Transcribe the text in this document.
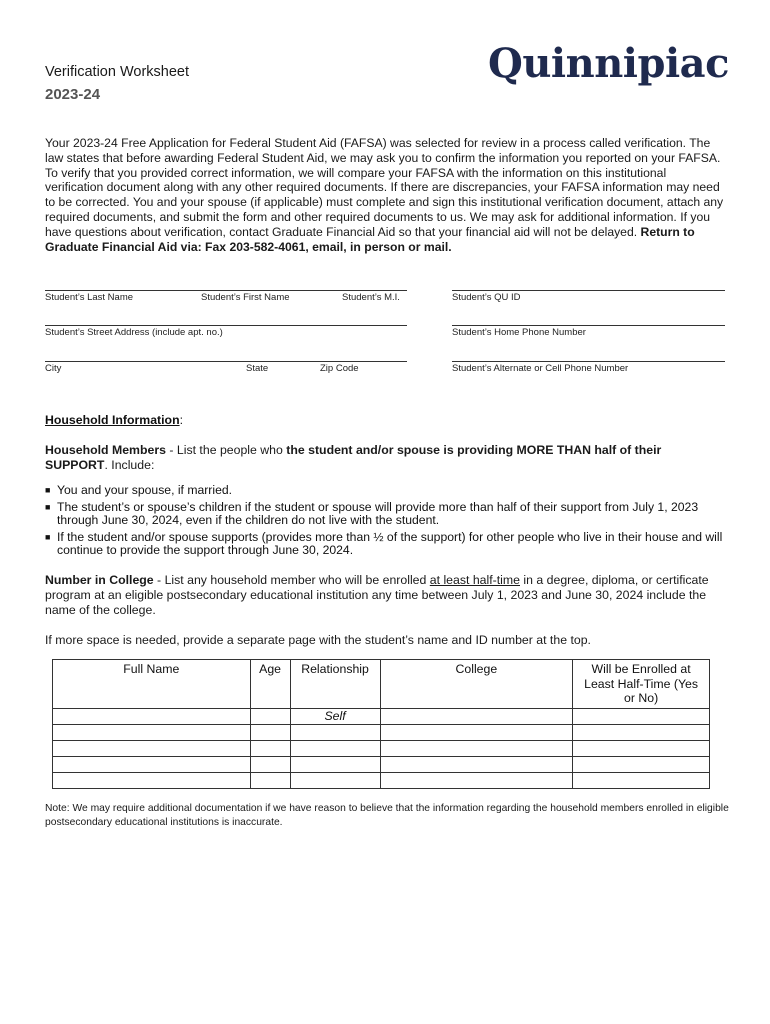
Verification Worksheet
2023-24
Quinnipiac
Your 2023-24 Free Application for Federal Student Aid (FAFSA) was selected for review in a process called verification. The law states that before awarding Federal Student Aid, we may ask you to confirm the information you reported on your FAFSA. To verify that you provided correct information, we will compare your FAFSA with the information on this institutional verification document along with any other required documents. If there are discrepancies, your FAFSA information may need to be corrected. You and your spouse (if applicable) must complete and sign this institutional verification document, attach any required documents, and submit the form and other required documents to us. We may ask for additional information. If you have questions about verification, contact Graduate Financial Aid so that your financial aid will not be delayed. Return to Graduate Financial Aid via: Fax 203-582-4061, email, in person or mail.
Student’s Last Name	Student’s First Name	Student’s M.I.	Student’s QU ID
Student’s Street Address (include apt. no.)	Student’s Home Phone Number
City	State	Zip Code	Student’s Alternate or Cell Phone Number
Household Information:
Household Members - List the people who the student and/or spouse is providing MORE THAN half of their SUPPORT. Include:
■ You and your spouse, if married.
■ The student’s or spouse’s children if the student or spouse will provide more than half of their support from July 1, 2023 through June 30, 2024, even if the children do not live with the student.
■ If the student and/or spouse supports (provides more than ½ of the support) for other people who live in their house and will continue to provide the support through June 30, 2024.
Number in College - List any household member who will be enrolled at least half-time in a degree, diploma, or certificate program at an eligible postsecondary educational institution any time between July 1, 2023 and June 30, 2024 include the name of the college.
If more space is needed, provide a separate page with the student’s name and ID number at the top.
Full Name	Age	Relationship	College	Will be Enrolled at Least Half-Time (Yes or No)
		Self		

Note: We may require additional documentation if we have reason to believe that the information regarding the household members enrolled in eligible postsecondary educational institutions is inaccurate.
